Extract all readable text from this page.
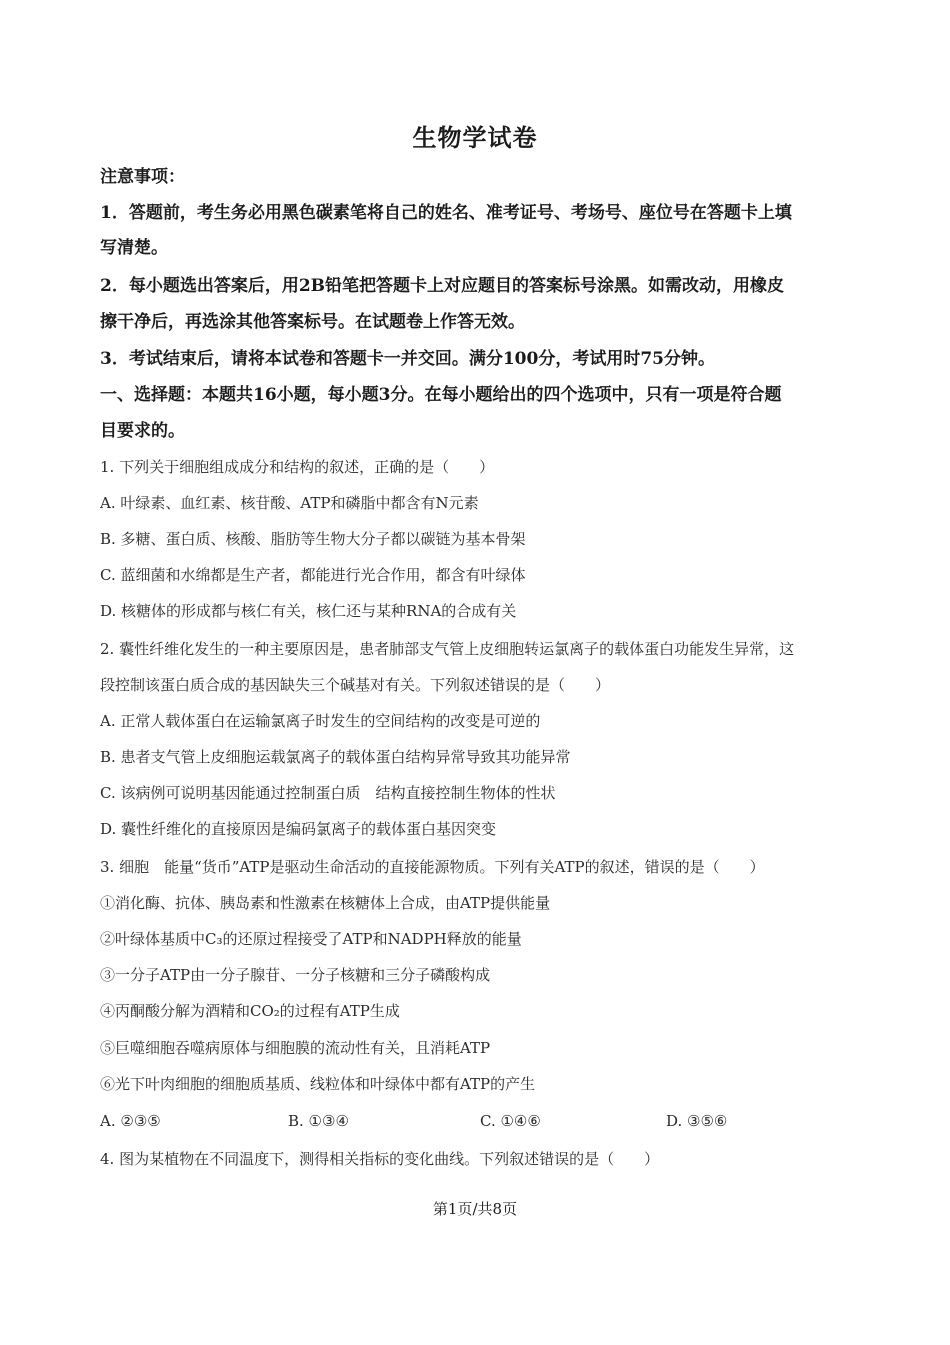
生物学试卷
注意事项：
1．答题前，考生务必用黑色碳素笔将自己的姓名、准考证号、考场号、座位号在答题卡上填
写清楚。
2．每小题选出答案后，用2B铅笔把答题卡上对应题目的答案标号涂黑。如需改动，用橡皮
擦干净后，再选涂其他答案标号。在试题卷上作答无效。
3．考试结束后，请将本试卷和答题卡一并交回。满分100分，考试用时75分钟。
一、选择题：本题共16小题，每小题3分。在每小题给出的四个选项中，只有一项是符合题
目要求的。
1. 下列关于细胞组成成分和结构的叙述，正确的是（　　）
A. 叶绿素、血红素、核苷酸、ATP和磷脂中都含有N元素
B. 多糖、蛋白质、核酸、脂肪等生物大分子都以碳链为基本骨架
C. 蓝细菌和水绵都是生产者，都能进行光合作用，都含有叶绿体
D. 核糖体的形成都与核仁有关，核仁还与某种RNA的合成有关
2. 囊性纤维化发生的一种主要原因是，患者肺部支气管上皮细胞转运氯离子的载体蛋白功能发生异常，这
段控制该蛋白质合成的基因缺失三个碱基对有关。下列叙述错误的是（　　）
A. 正常人载体蛋白在运输氯离子时发生的空间结构的改变是可逆的
B. 患者支气管上皮细胞运载氯离子的载体蛋白结构异常导致其功能异常
C. 该病例可说明基因能通过控制蛋白质　结构直接控制生物体的性状
D. 囊性纤维化的直接原因是编码氯离子的载体蛋白基因突变
3. 细胞　能量“货币”ATP是驱动生命活动的直接能源物质。下列有关ATP的叙述，错误的是（　　）
①消化酶、抗体、胰岛素和性激素在核糖体上合成，由ATP提供能量
②叶绿体基质中C₃的还原过程接受了ATP和NADPH释放的能量
③一分子ATP由一分子腺苷、一分子核糖和三分子磷酸构成
④丙酮酸分解为酒精和CO₂的过程有ATP生成
⑤巨噬细胞吞噬病原体与细胞膜的流动性有关，且消耗ATP
⑥光下叶肉细胞的细胞质基质、线粒体和叶绿体中都有ATP的产生
A. ②③⑤	B. ①③④	C. ①④⑥	D. ③⑤⑥
4. 图为某植物在不同温度下，测得相关指标的变化曲线。下列叙述错误的是（　　）
第1页/共8页
